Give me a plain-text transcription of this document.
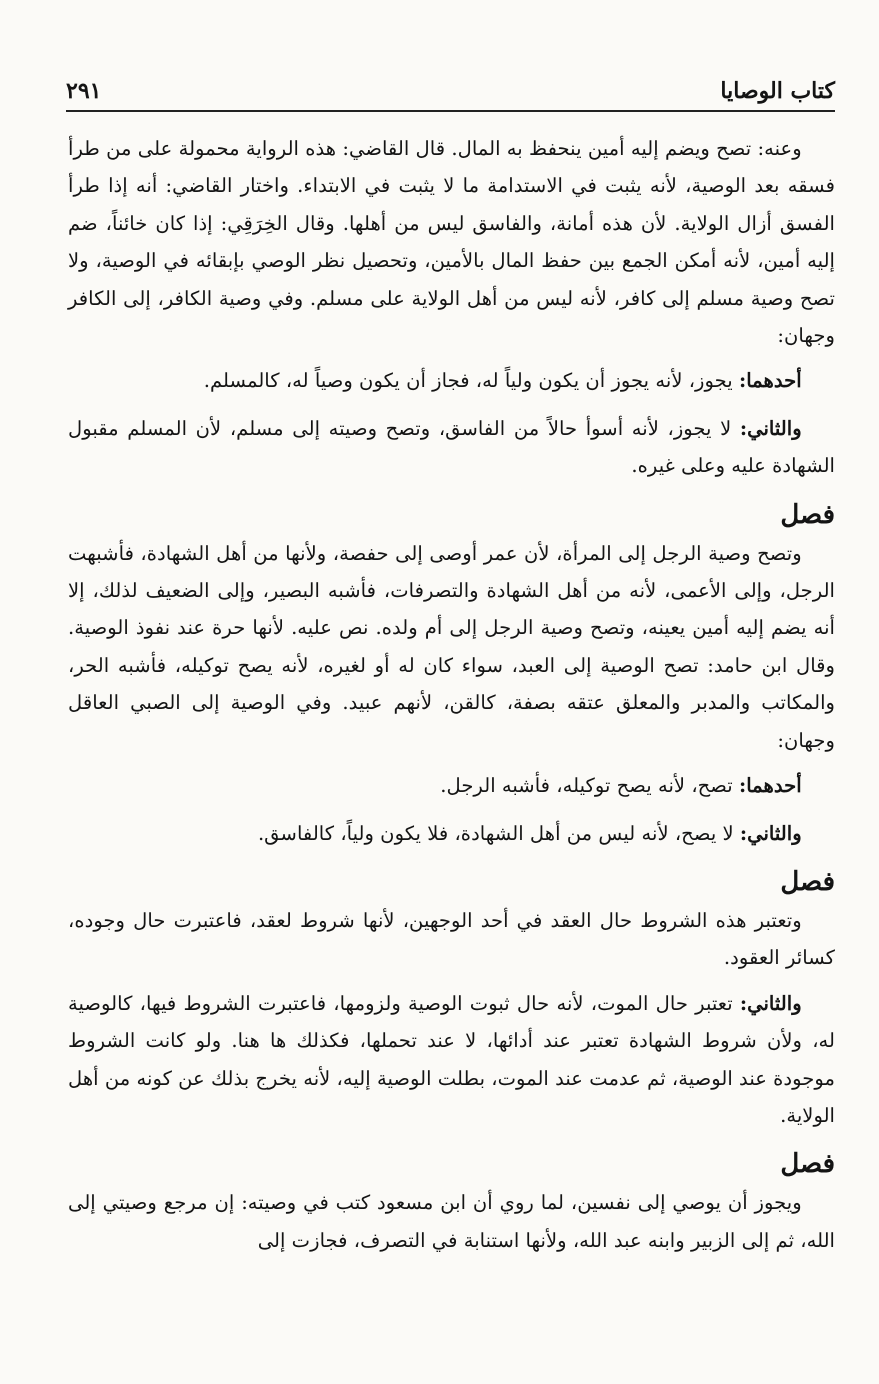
كتاب الوصايا
٢٩١

وعنه: تصح ويضم إليه أمين ينحفظ به المال. قال القاضي: هذه الرواية محمولة على من طرأ فسقه بعد الوصية، لأنه يثبت في الاستدامة ما لا يثبت في الابتداء. واختار القاضي: أنه إذا طرأ الفسق أزال الولاية. لأن هذه أمانة، والفاسق ليس من أهلها. وقال الخِرَقِي: إذا كان خائناً، ضم إليه أمين، لأنه أمكن الجمع بين حفظ المال بالأمين، وتحصيل نظر الوصي بإبقائه في الوصية، ولا تصح وصية مسلم إلى كافر، لأنه ليس من أهل الولاية على مسلم. وفي وصية الكافر، إلى الكافر وجهان:

أحدهما: يجوز، لأنه يجوز أن يكون ولياً له، فجاز أن يكون وصياً له، كالمسلم.

والثاني: لا يجوز، لأنه أسوأ حالاً من الفاسق، وتصح وصيته إلى مسلم، لأن المسلم مقبول الشهادة عليه وعلى غيره.

فصل

وتصح وصية الرجل إلى المرأة، لأن عمر أوصى إلى حفصة، ولأنها من أهل الشهادة، فأشبهت الرجل، وإلى الأعمى، لأنه من أهل الشهادة والتصرفات، فأشبه البصير، وإلى الضعيف لذلك، إلا أنه يضم إليه أمين يعينه، وتصح وصية الرجل إلى أم ولده. نص عليه. لأنها حرة عند نفوذ الوصية. وقال ابن حامد: تصح الوصية إلى العبد، سواء كان له أو لغيره، لأنه يصح توكيله، فأشبه الحر، والمكاتب والمدبر والمعلق عتقه بصفة، كالقن، لأنهم عبيد. وفي الوصية إلى الصبي العاقل وجهان:

أحدهما: تصح، لأنه يصح توكيله، فأشبه الرجل.

والثاني: لا يصح، لأنه ليس من أهل الشهادة، فلا يكون ولياً، كالفاسق.

فصل

وتعتبر هذه الشروط حال العقد في أحد الوجهين، لأنها شروط لعقد، فاعتبرت حال وجوده، كسائر العقود.

والثاني: تعتبر حال الموت، لأنه حال ثبوت الوصية ولزومها، فاعتبرت الشروط فيها، كالوصية له، ولأن شروط الشهادة تعتبر عند أدائها، لا عند تحملها، فكذلك ها هنا. ولو كانت الشروط موجودة عند الوصية، ثم عدمت عند الموت، بطلت الوصية إليه، لأنه يخرج بذلك عن كونه من أهل الولاية.

فصل

ويجوز أن يوصي إلى نفسين، لما روي أن ابن مسعود كتب في وصيته: إن مرجع وصيتي إلى الله، ثم إلى الزبير وابنه عبد الله، ولأنها استنابة في التصرف، فجازت إلى
